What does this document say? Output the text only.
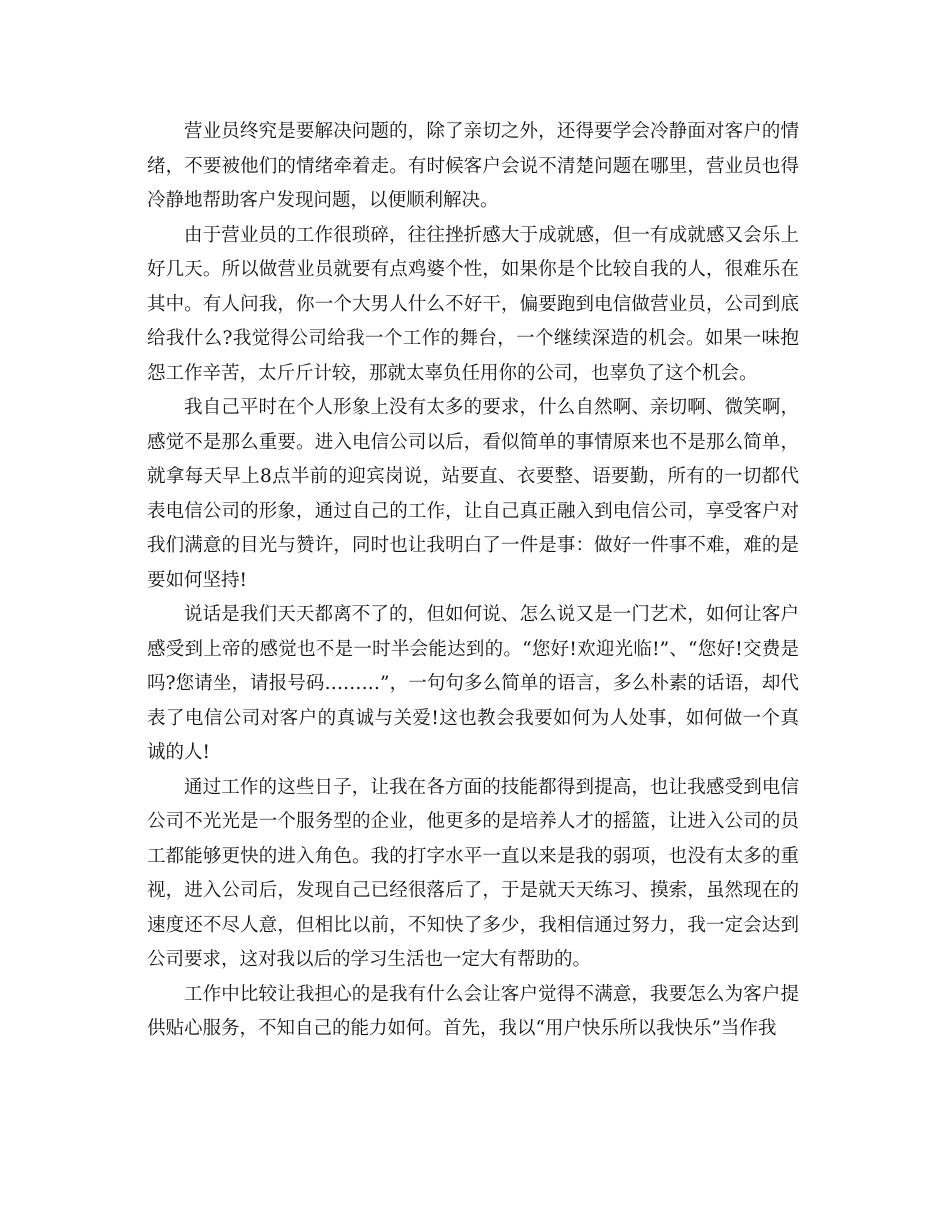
营业员终究是要解决问题的，除了亲切之外，还得要学会冷静面对客户的情绪，不要被他们的情绪牵着走。有时候客户会说不清楚问题在哪里，营业员也得冷静地帮助客户发现问题，以便顺利解决。

由于营业员的工作很琐碎，往往挫折感大于成就感，但一有成就感又会乐上好几天。所以做营业员就要有点鸡婆个性，如果你是个比较自我的人，很难乐在其中。有人问我，你一个大男人什么不好干，偏要跑到电信做营业员，公司到底给我什么?我觉得公司给我一个工作的舞台，一个继续深造的机会。如果一味抱怨工作辛苦，太斤斤计较，那就太辜负任用你的公司，也辜负了这个机会。

我自己平时在个人形象上没有太多的要求，什么自然啊、亲切啊、微笑啊，感觉不是那么重要。进入电信公司以后，看似简单的事情原来也不是那么简单，就拿每天早上8点半前的迎宾岗说，站要直、衣要整、语要勤，所有的一切都代表电信公司的形象，通过自己的工作，让自己真正融入到电信公司，享受客户对我们满意的目光与赞许，同时也让我明白了一件是事：做好一件事不难，难的是要如何坚持!

说话是我们天天都离不了的，但如何说、怎么说又是一门艺术，如何让客户感受到上帝的感觉也不是一时半会能达到的。“您好!欢迎光临!”、“您好!交费是吗?您请坐，请报号码………”，一句句多么简单的语言，多么朴素的话语，却代表了电信公司对客户的真诚与关爱!这也教会我要如何为人处事，如何做一个真诚的人!

通过工作的这些日子，让我在各方面的技能都得到提高，也让我感受到电信公司不光光是一个服务型的企业，他更多的是培养人才的摇篮，让进入公司的员工都能够更快的进入角色。我的打字水平一直以来是我的弱项，也没有太多的重视，进入公司后，发现自己已经很落后了，于是就天天练习、摸索，虽然现在的速度还不尽人意，但相比以前，不知快了多少，我相信通过努力，我一定会达到公司要求，这对我以后的学习生活也一定大有帮助的。

工作中比较让我担心的是我有什么会让客户觉得不满意，我要怎么为客户提供贴心服务，不知自己的能力如何。首先，我以“用户快乐所以我快乐”当作我
